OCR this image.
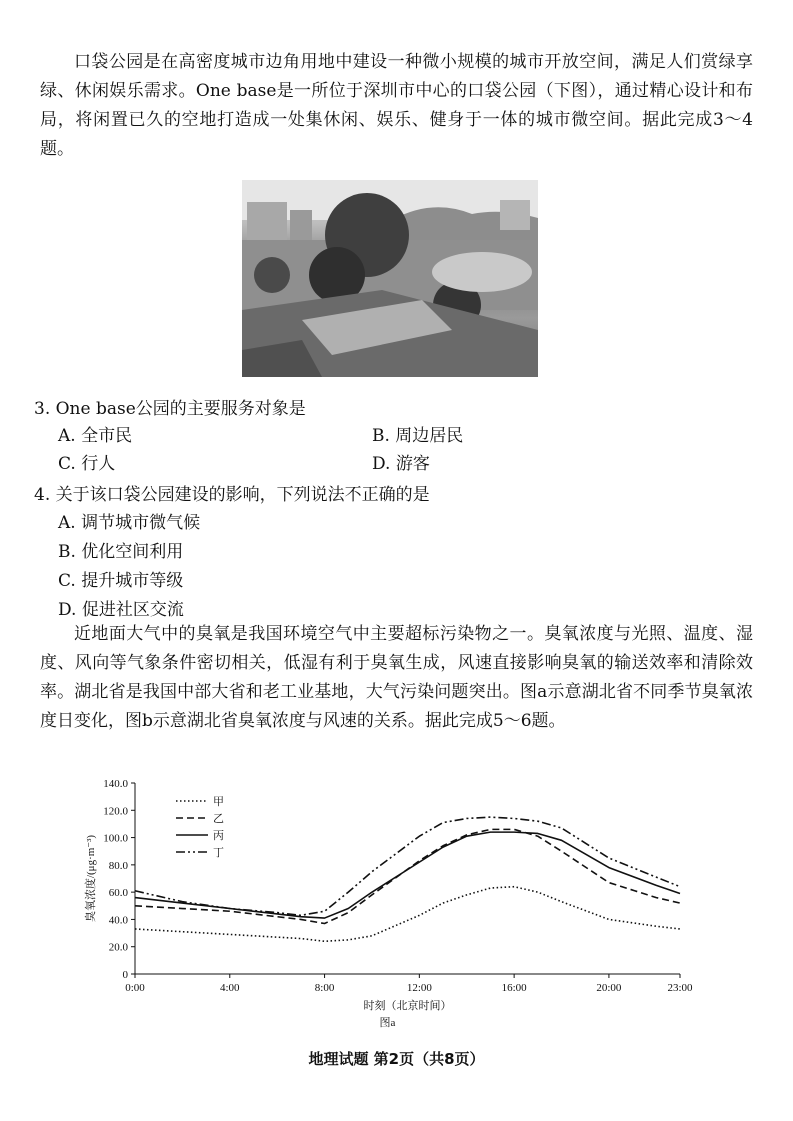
口袋公园是在高密度城市边角用地中建设一种微小规模的城市开放空间，满足人们赏绿享绿、休闲娱乐需求。One base是一所位于深圳市中心的口袋公园（下图），通过精心设计和布局，将闲置已久的空地打造成一处集休闲、娱乐、健身于一体的城市微空间。据此完成3～4题。

3. One base公园的主要服务对象是
A. 全市民	B. 周边居民
C. 行人	D. 游客
4. 关于该口袋公园建设的影响，下列说法不正确的是
A. 调节城市微气候
B. 优化空间利用
C. 提升城市等级
D. 促进社区交流

近地面大气中的臭氧是我国环境空气中主要超标污染物之一。臭氧浓度与光照、温度、湿度、风向等气象条件密切相关，低湿有利于臭氧生成，风速直接影响臭氧的输送效率和清除效率。湖北省是我国中部大省和老工业基地，大气污染问题突出。图a示意湖北省不同季节臭氧浓度日变化，图b示意湖北省臭氧浓度与风速的关系。据此完成5～6题。

0
20.0
40.0
60.0
80.0
100.0
120.0
140.0
0:00	4:00	8:00	12:00	16:00	20:00	23:00
甲
乙
丙
丁
时刻（北京时间）
臭氧浓度/(μg·m⁻³)
图a
地理试题 第2页（共8页）
